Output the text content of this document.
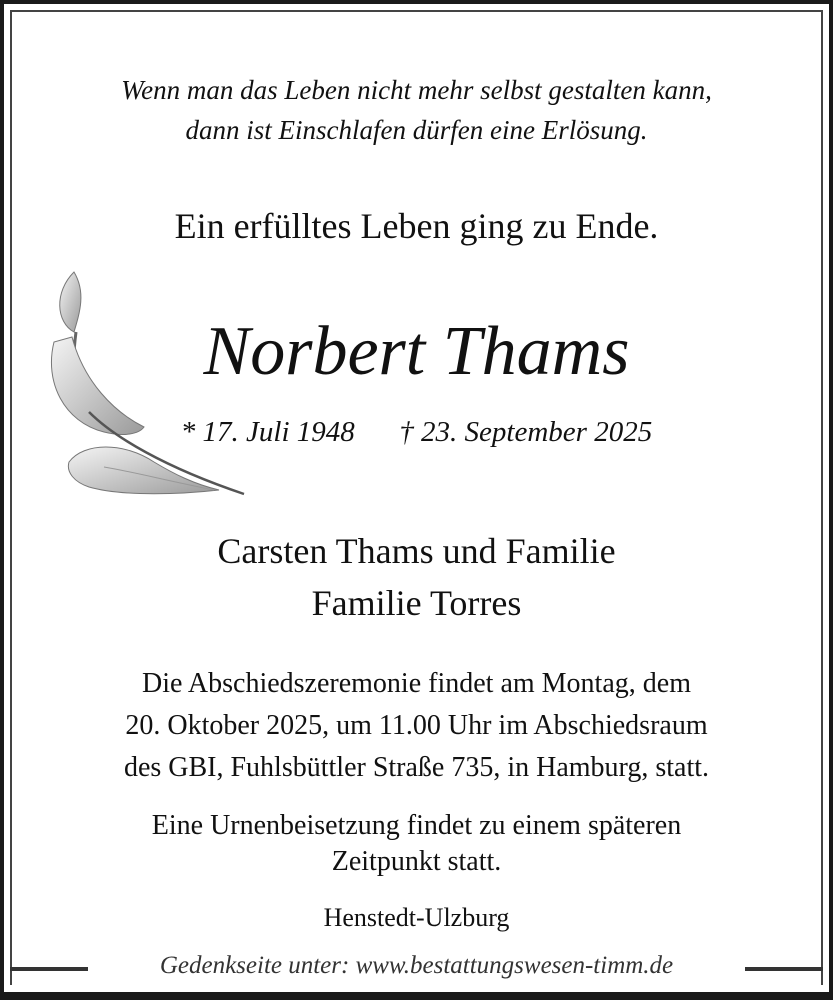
Wenn man das Leben nicht mehr selbst gestalten kann,
dann ist Einschlafen dürfen eine Erlösung.
Ein erfülltes Leben ging zu Ende.
Norbert Thams
* 17. Juli 1948 † 23. September 2025
Carsten Thams und Familie
Familie Torres
Die Abschiedszeremonie findet am Montag, dem
20. Oktober 2025, um 11.00 Uhr im Abschiedsraum
des GBI, Fuhlsbüttler Straße 735, in Hamburg, statt.
Eine Urnenbeisetzung findet zu einem späteren
Zeitpunkt statt.
Henstedt-Ulzburg
Gedenkseite unter: www.bestattungswesen-timm.de
